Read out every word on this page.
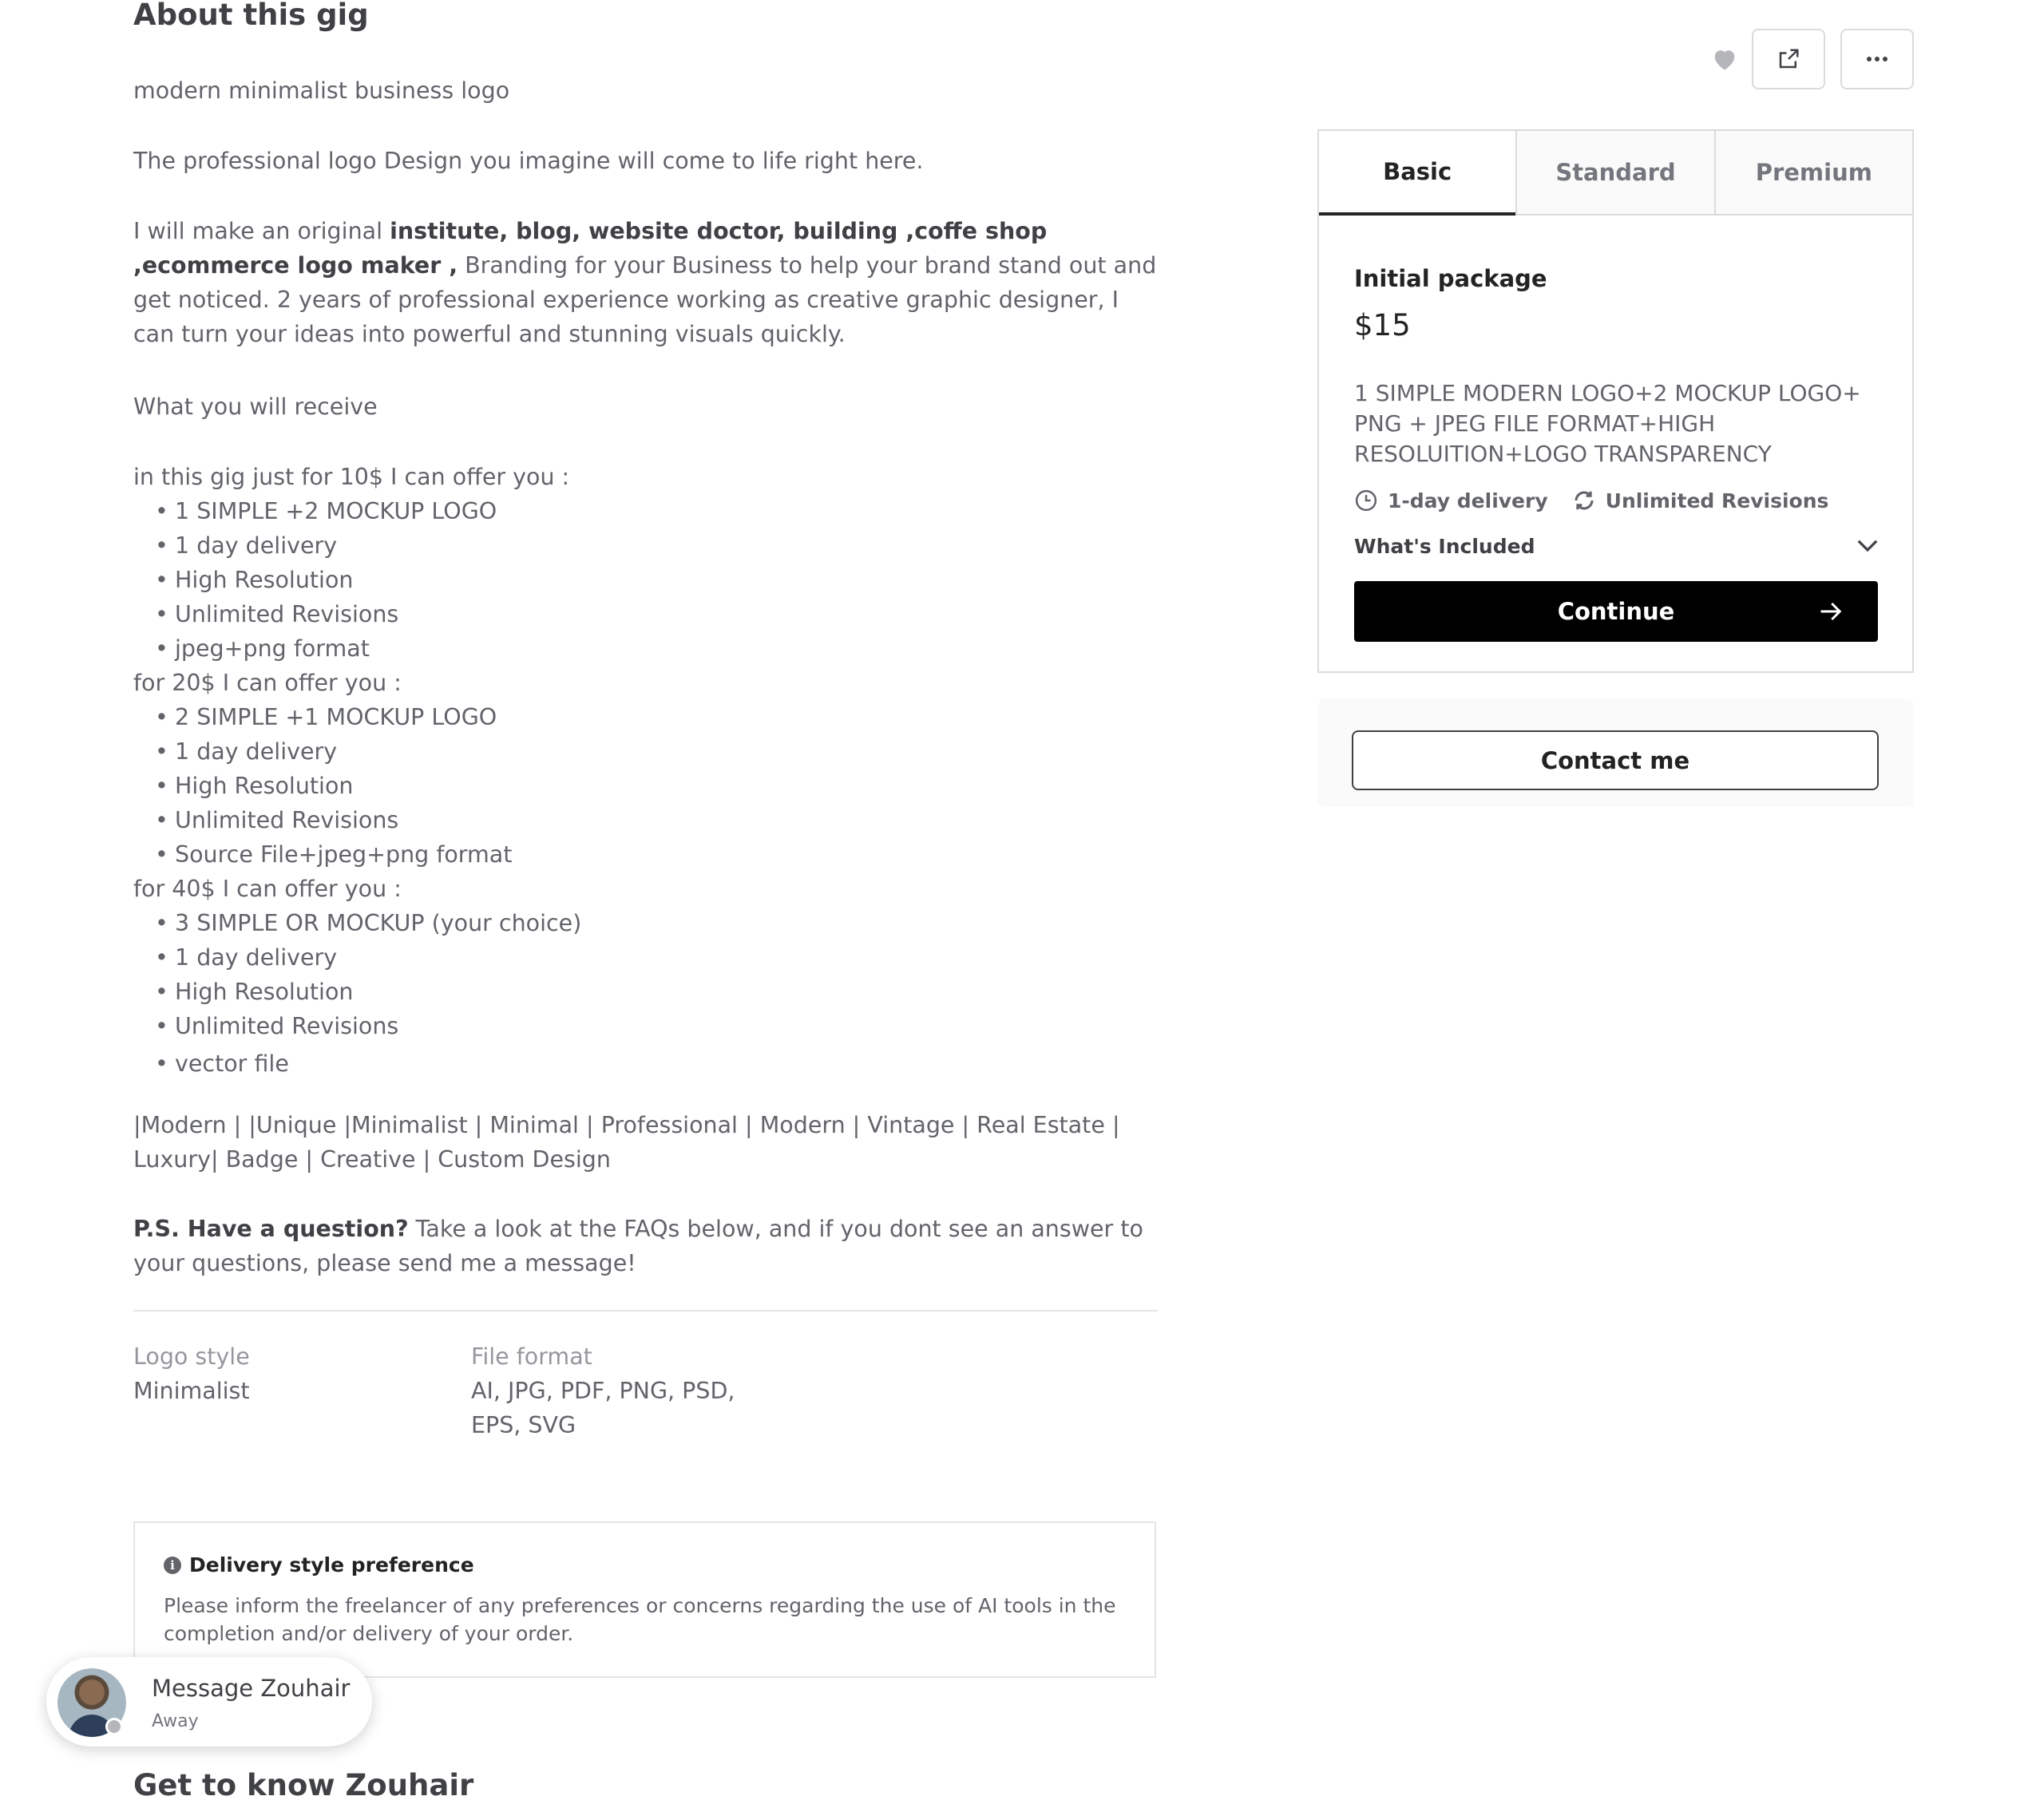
About this gig
modern minimalist business logo
The professional logo Design you imagine will come to life right here.
I will make an original institute, blog, website doctor, building ,coffe shop ,ecommerce logo maker , Branding for your Business to help your brand stand out and get noticed. 2 years of professional experience working as creative graphic designer, I can turn your ideas into powerful and stunning visuals quickly.
What you will receive
in this gig just for 10$ I can offer you :
• 1 SIMPLE +2 MOCKUP LOGO
• 1 day delivery
• High Resolution
• Unlimited Revisions
• jpeg+png format
for 20$ I can offer you :
• 2 SIMPLE +1 MOCKUP LOGO
• 1 day delivery
• High Resolution
• Unlimited Revisions
• Source File+jpeg+png format
for 40$ I can offer you :
• 3 SIMPLE OR MOCKUP (your choice)
• 1 day delivery
• High Resolution
• Unlimited Revisions
• vector file
|Modern | |Unique |Minimalist | Minimal | Professional | Modern | Vintage | Real Estate | Luxury| Badge | Creative | Custom Design
P.S. Have a question? Take a look at the FAQs below, and if you dont see an answer to your questions, please send me a message!
Logo style
Minimalist
File format
AI, JPG, PDF, PNG, PSD,
EPS, SVG
i Delivery style preference
Please inform the freelancer of any preferences or concerns regarding the use of AI tools in the completion and/or delivery of your order.
Get to know Zouhair
Message Zouhair
Away
Basic	Standard	Premium
Initial package
$15
1 SIMPLE MODERN LOGO+2 MOCKUP LOGO+ PNG + JPEG FILE FORMAT+HIGH RESOLUITION+LOGO TRANSPARENCY
1-day delivery	Unlimited Revisions
What's Included
Continue
Contact me
